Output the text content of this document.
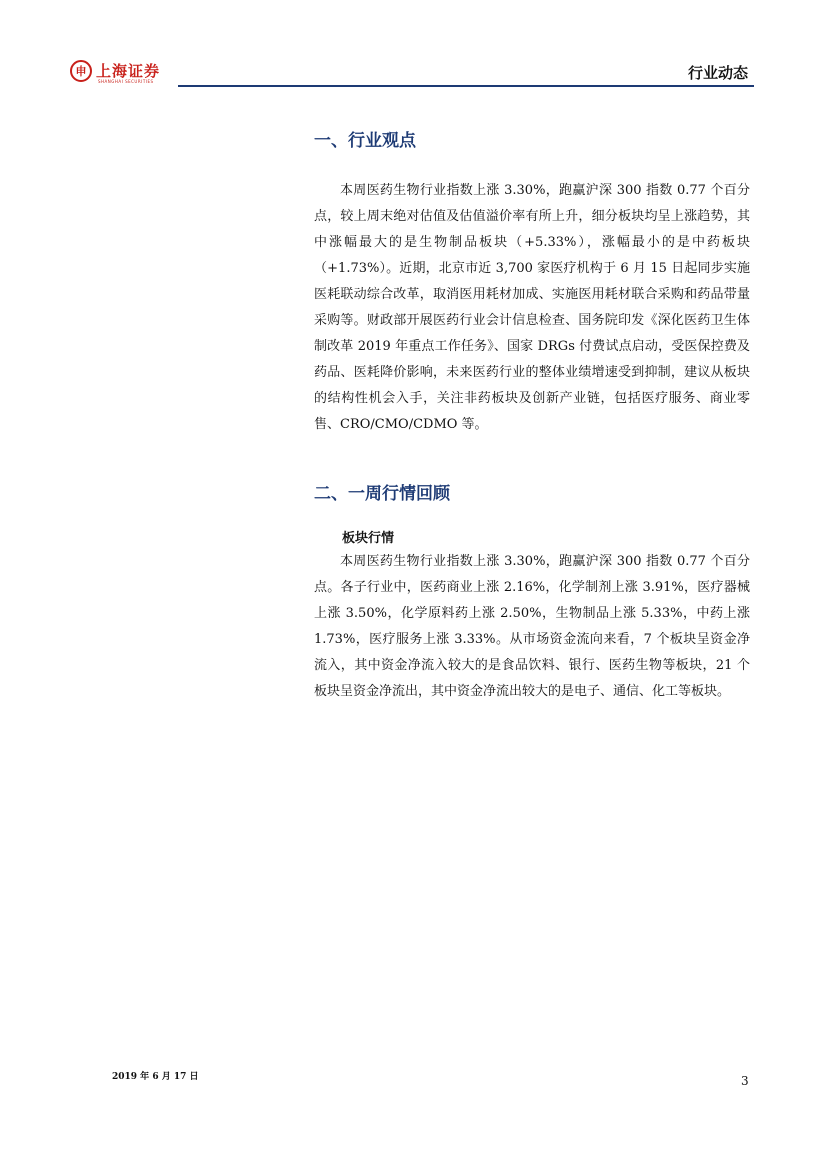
申 上海证券
SHANGHAI SECURITIES	行业动态
一、行业观点

本周医药生物行业指数上涨 3.30%，跑赢沪深 300 指数 0.77 个百分点，较上周末绝对估值及估值溢价率有所上升，细分板块均呈上涨趋势，其中涨幅最大的是生物制品板块（+5.33%），涨幅最小的是中药板块（+1.73%）。近期，北京市近 3,700 家医疗机构于 6 月 15 日起同步实施医耗联动综合改革，取消医用耗材加成、实施医用耗材联合采购和药品带量采购等。财政部开展医药行业会计信息检查、国务院印发《深化医药卫生体制改革 2019 年重点工作任务》、国家 DRGs 付费试点启动，受医保控费及药品、医耗降价影响，未来医药行业的整体业绩增速受到抑制，建议从板块的结构性机会入手，关注非药板块及创新产业链，包括医疗服务、商业零售、CRO/CMO/CDMO 等。

二、一周行情回顾
板块行情

本周医药生物行业指数上涨 3.30%，跑赢沪深 300 指数 0.77 个百分点。各子行业中，医药商业上涨 2.16%，化学制剂上涨 3.91%，医疗器械上涨 3.50%，化学原料药上涨 2.50%，生物制品上涨 5.33%，中药上涨 1.73%，医疗服务上涨 3.33%。从市场资金流向来看，7 个板块呈资金净流入，其中资金净流入较大的是食品饮料、银行、医药生物等板块，21 个板块呈资金净流出，其中资金净流出较大的是电子、通信、化工等板块。

2019 年 6 月 17 日	3
